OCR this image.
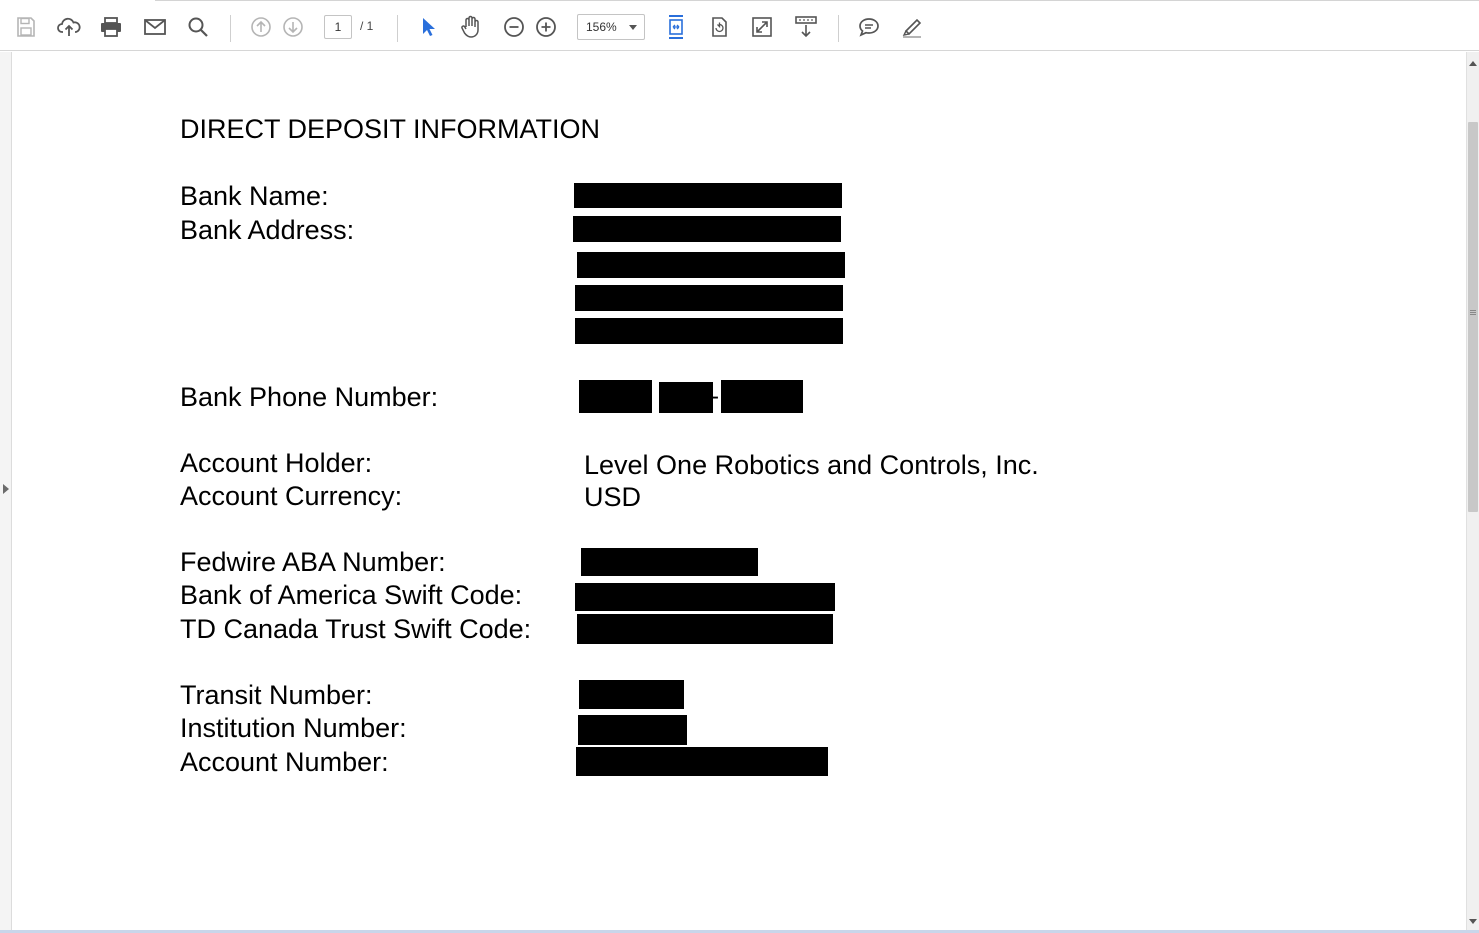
1	/ 1	156%
DIRECT DEPOSIT INFORMATION
Bank Name:
Bank Address:
Bank Phone Number:	-
Account Holder:	Level One Robotics and Controls, Inc.
Account Currency:	USD
Fedwire ABA Number:
Bank of America Swift Code:
TD Canada Trust Swift Code:
Transit Number:
Institution Number:
Account Number:
